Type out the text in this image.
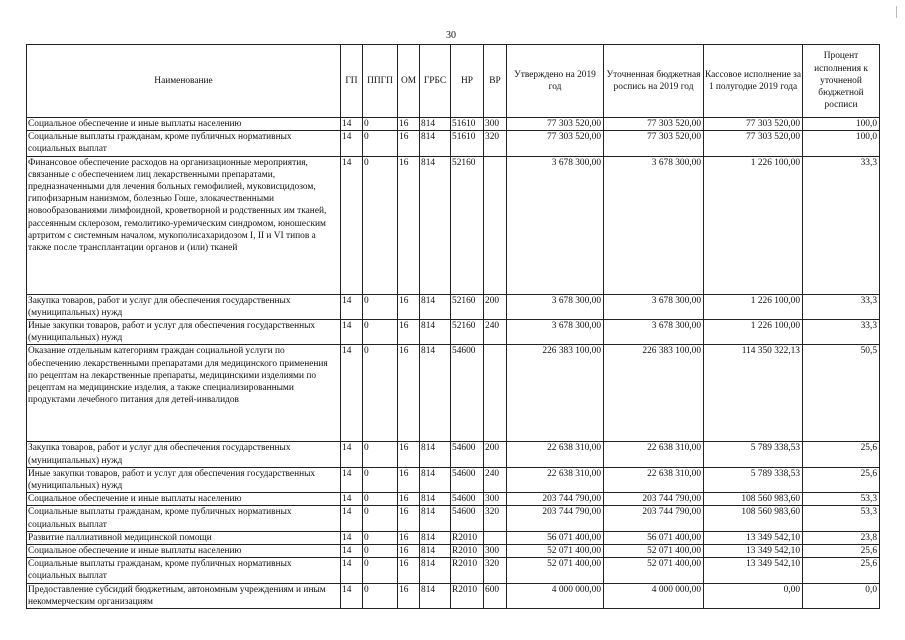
30
Наименование	ГП	ППГП	ОМ	ГРБС	НР	ВР	Утверждено на 2019 год	Уточненная бюджетная роспись на 2019 год	Кассовое исполнение за 1 полугодие 2019 года	Процент исполнения к уточненой бюджетной росписи
Социальное обеспечение и иные выплаты населению	14	0	16	814	51610	300	77 303 520,00	77 303 520,00	77 303 520,00	100,0
Социальные выплаты гражданам, кроме публичных нормативных социальных выплат	14	0	16	814	51610	320	77 303 520,00	77 303 520,00	77 303 520,00	100,0
Финансовое обеспечение расходов на организационные мероприятия, связанные с обеспечением лиц лекарственными препаратами, предназначенными для лечения больных гемофилией, муковисцидозом, гипофизарным нанизмом, болезнью Гоше, злокачественными новообразованиями лимфоидной, кроветворной и родственных им тканей, рассеянным склерозом, гемолитико-уремическим синдромом, юношеским артритом с системным началом, мукополисахаридозом I, II и VI типов а также после трансплантации органов и (или) тканей	14	0	16	814	52160		3 678 300,00	3 678 300,00	1 226 100,00	33,3
Закупка товаров, работ и услуг для обеспечения государственных (муниципальных) нужд	14	0	16	814	52160	200	3 678 300,00	3 678 300,00	1 226 100,00	33,3
Иные закупки товаров, работ и услуг для обеспечения государственных (муниципальных) нужд	14	0	16	814	52160	240	3 678 300,00	3 678 300,00	1 226 100,00	33,3
Оказание отдельным категориям граждан социальной услуги по обеспечению лекарственными препаратами для медицинского применения по рецептам на лекарственные препараты, медицинскими изделиями по рецептам на медицинские изделия, а также специализированными продуктами лечебного питания для детей-инвалидов	14	0	16	814	54600		226 383 100,00	226 383 100,00	114 350 322,13	50,5
Закупка товаров, работ и услуг для обеспечения государственных (муниципальных) нужд	14	0	16	814	54600	200	22 638 310,00	22 638 310,00	5 789 338,53	25,6
Иные закупки товаров, работ и услуг для обеспечения государственных (муниципальных) нужд	14	0	16	814	54600	240	22 638 310,00	22 638 310,00	5 789 338,53	25,6
Социальное обеспечение и иные выплаты населению	14	0	16	814	54600	300	203 744 790,00	203 744 790,00	108 560 983,60	53,3
Социальные выплаты гражданам, кроме публичных нормативных социальных выплат	14	0	16	814	54600	320	203 744 790,00	203 744 790,00	108 560 983,60	53,3
Развитие паллиативной медицинской помощи	14	0	16	814	R2010		56 071 400,00	56 071 400,00	13 349 542,10	23,8
Социальное обеспечение и иные выплаты населению	14	0	16	814	R2010	300	52 071 400,00	52 071 400,00	13 349 542,10	25,6
Социальные выплаты гражданам, кроме публичных нормативных социальных выплат	14	0	16	814	R2010	320	52 071 400,00	52 071 400,00	13 349 542,10	25,6
Предоставление субсидий бюджетным, автономным учреждениям и иным некоммерческим организациям	14	0	16	814	R2010	600	4 000 000,00	4 000 000,00	0,00	0,0
